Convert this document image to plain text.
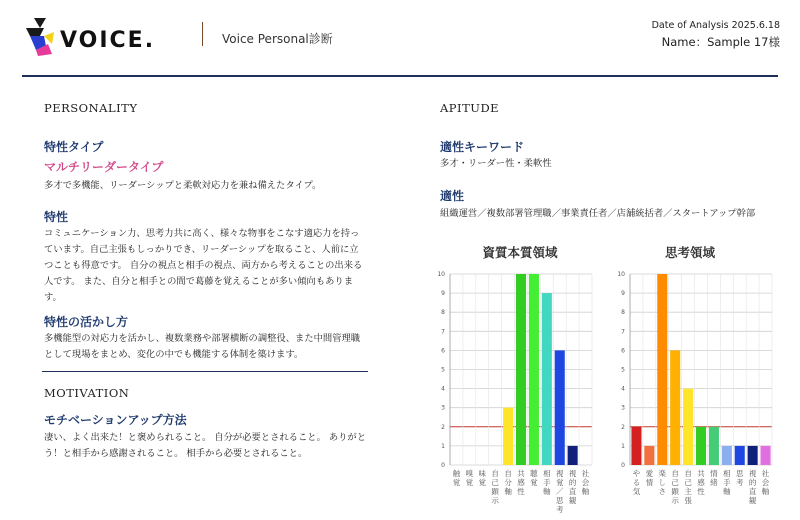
VOICE.	Voice Personal診断
Date of Analysis 2025.6.18
Name：Sample 17様
PERSONALITY
特性タイプ
マルチリーダータイプ
多才で多機能、リーダーシップと柔軟対応力を兼ね備えたタイプ。
特性
コミュニケーション力、思考力共に高く、様々な物事をこなす適応力を持っ
ています。自己主張もしっかりでき、リーダーシップを取ること、人前に立
つことも得意です。 自分の視点と相手の視点、両方から考えることの出来る
人です。 また、自分と相手との間で葛藤を覚えることが多い傾向もありま
す。
特性の活かし方
多機能型の対応力を活かし、複数業務や部署横断の調整役、また中間管理職
として現場をまとめ、変化の中でも機能する体制を築けます。
MOTIVATION
モチベーションアップ方法
凄い、よく出来た！と褒められること。 自分が必要とされること。 ありがと
う！と相手から感謝されること。 相手から必要とされること。
APITUDE
適性キーワード
多才・リーダー性・柔軟性
適性
組織運営／複数部署管理職／事業責任者／店舗統括者／スタートアップ幹部
資質本質領域
0
1
2
3
4
5
6
7
8
9
10
触覚
嗅覚
味覚
自己顕示
自分軸
共感性
聴覚
相手軸
視覚／思考
視的直観
社会軸
思考領域
0
1
2
3
4
5
6
7
8
9
10
やる気
愛情
楽しさ
自己顕示
自己主張
共感性
情緒
相手軸
思考
視的直観
社会軸
